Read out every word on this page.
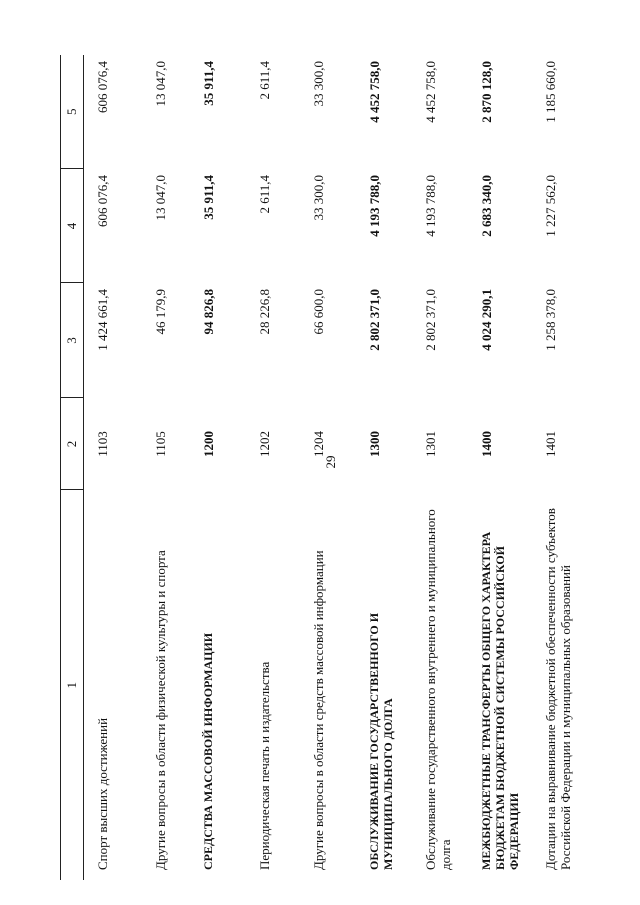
29
1	2	3	4	5
Спорт высших достижений	1103	1 424 661,4	606 076,4	606 076,4
Другие вопросы в области физической культуры и спорта	1105	46 179,9	13 047,0	13 047,0
СРЕДСТВА МАССОВОЙ ИНФОРМАЦИИ	1200	94 826,8	35 911,4	35 911,4
Периодическая печать и издательства	1202	28 226,8	2 611,4	2 611,4
Другие вопросы в области средств массовой информации	1204	66 600,0	33 300,0	33 300,0
ОБСЛУЖИВАНИЕ ГОСУДАРСТВЕННОГО И МУНИЦИПАЛЬНОГО ДОЛГА	1300	2 802 371,0	4 193 788,0	4 452 758,0
Обслуживание государственного внутреннего и муниципального долга	1301	2 802 371,0	4 193 788,0	4 452 758,0
МЕЖБЮДЖЕТНЫЕ ТРАНСФЕРТЫ ОБЩЕГО ХАРАКТЕРА БЮДЖЕТАМ БЮДЖЕТНОЙ СИСТЕМЫ РОССИЙСКОЙ ФЕДЕРАЦИИ	1400	4 024 290,1	2 683 340,0	2 870 128,0
Дотации на выравнивание бюджетной обеспеченности субъектов Российской Федерации и муниципальных образований	1401	1 258 378,0	1 227 562,0	1 185 660,0
